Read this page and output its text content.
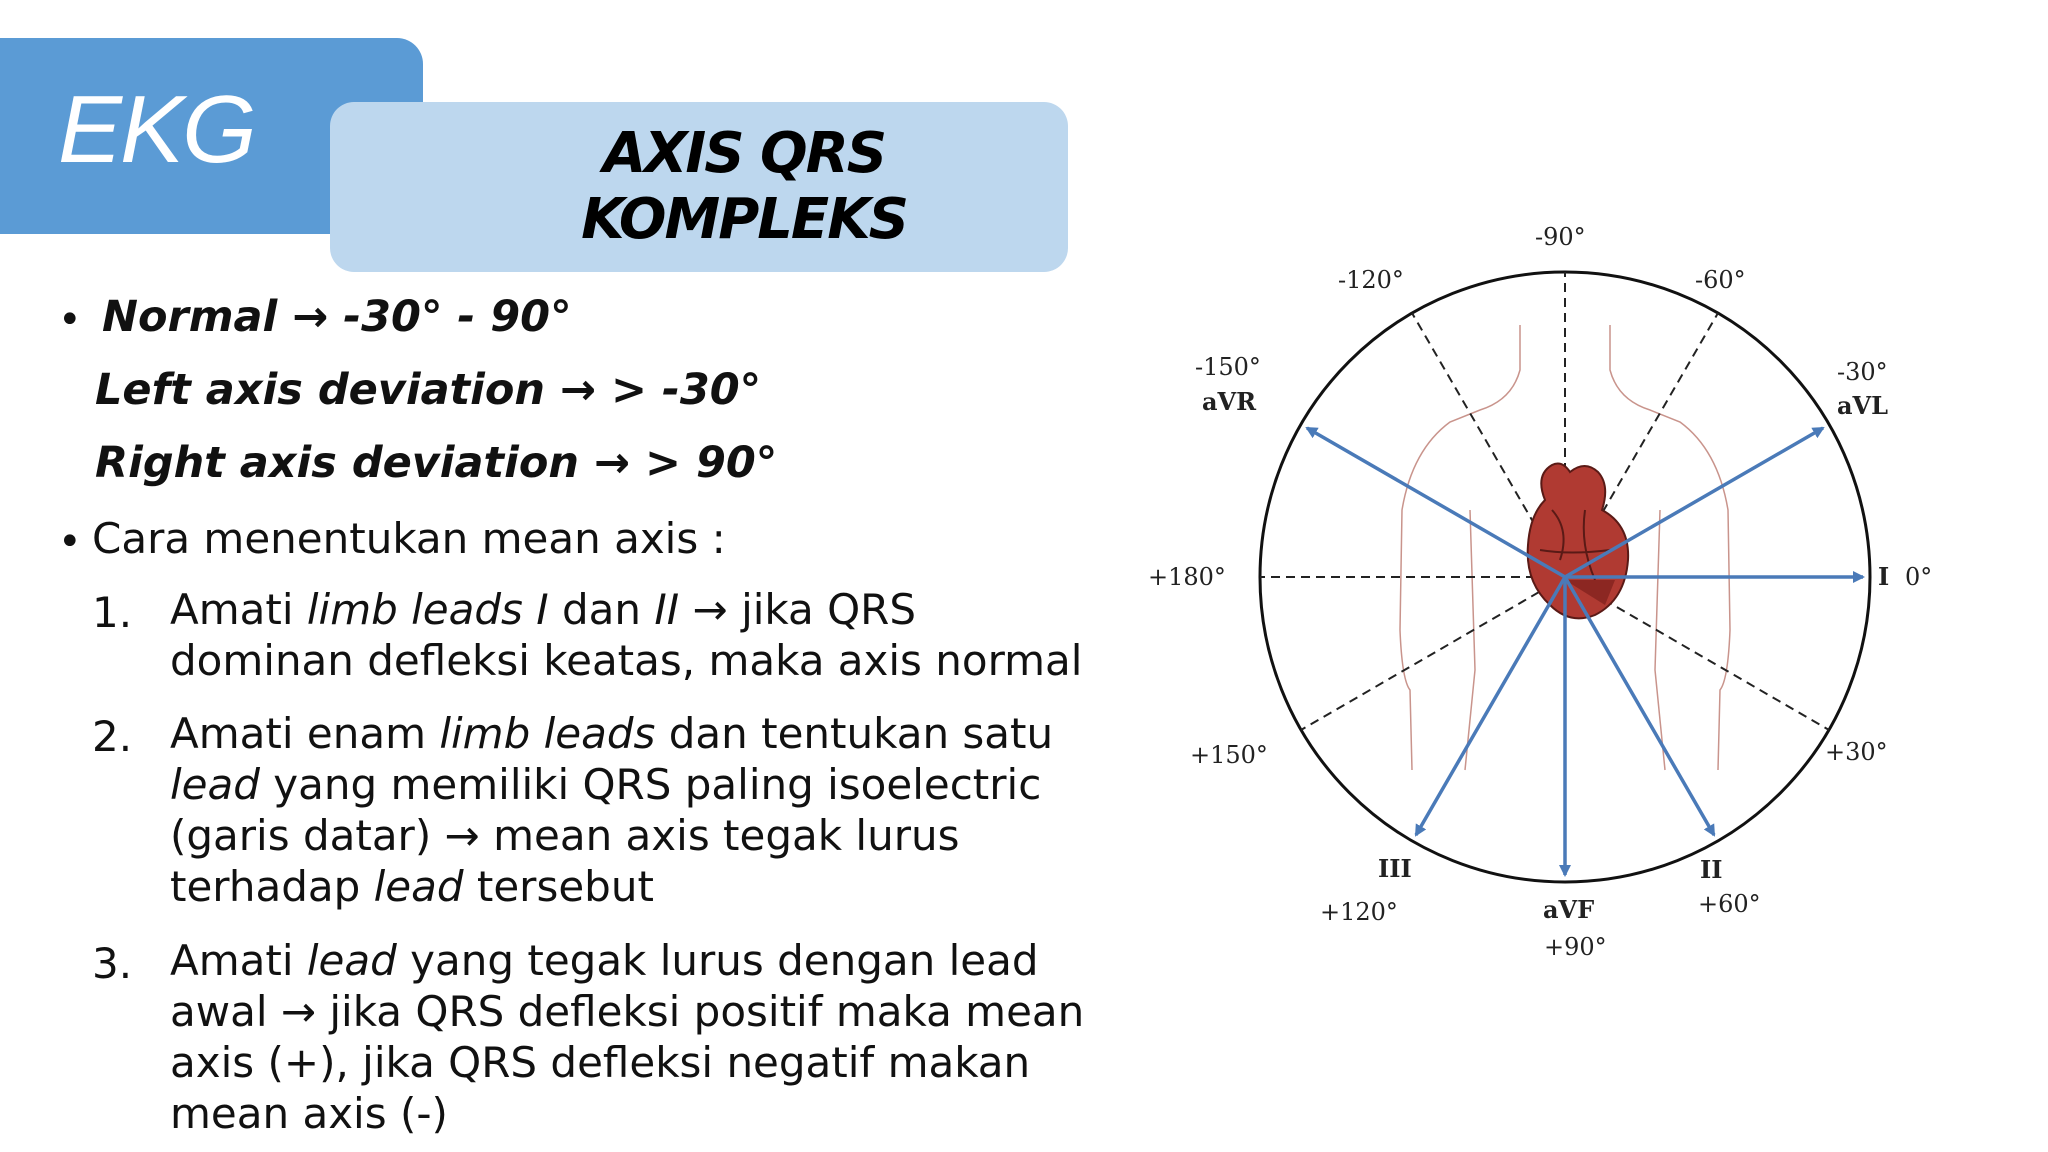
EKG	AXIS QRS
KOMPLEKS
• Normal → -30° - 90°
Left axis deviation → > -30°
Right axis deviation → > 90°
• Cara menentukan mean axis :
1. Amati limb leads I dan II → jika QRS
dominan defleksi keatas, maka axis normal
2. Amati enam limb leads dan tentukan satu
lead yang memiliki QRS paling isoelectric
(garis datar) → mean axis tegak lurus
terhadap lead tersebut
3. Amati lead yang tegak lurus dengan lead
awal → jika QRS defleksi positif maka mean
axis (+), jika QRS defleksi negatif makan
mean axis (-)
-90°
-120°	-60°
-150°
aVR
-30°
aVL
+180°	I 0°
+150°	+30°
III
+120°	aVF
+90°
II
+60°
